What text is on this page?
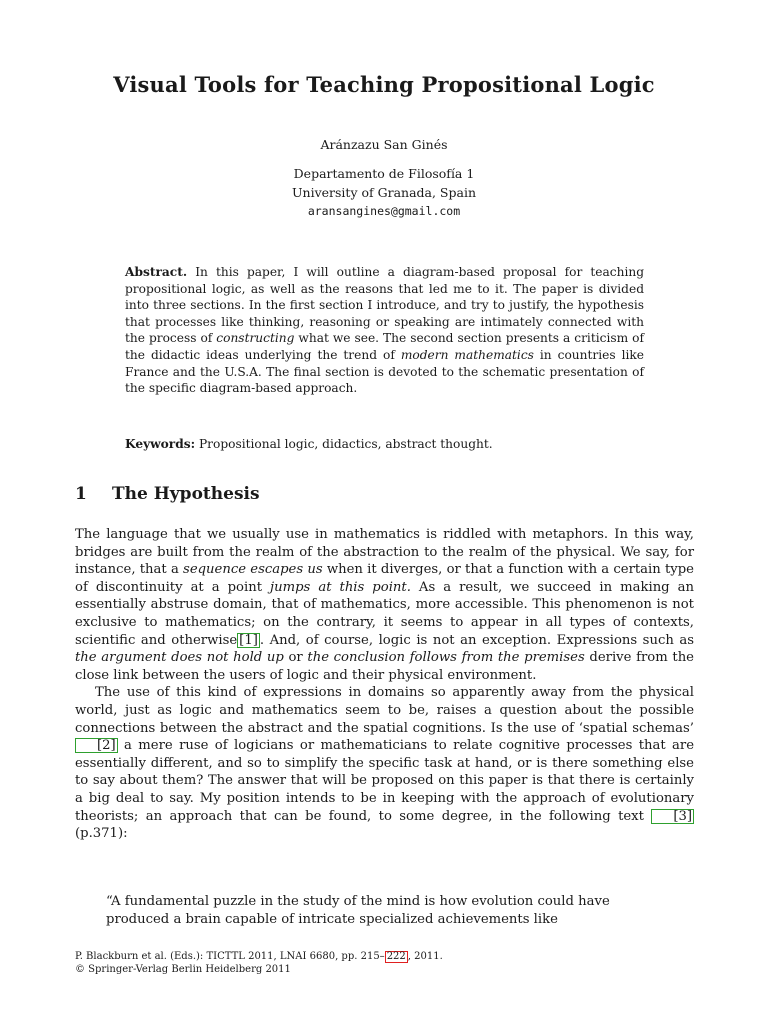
Visual Tools for Teaching Propositional Logic
Aránzazu San Ginés
Departamento de Filosofía 1
University of Granada, Spain
aransangines@gmail.com
Abstract. In this paper, I will outline a diagram-based proposal for teaching propositional logic, as well as the reasons that led me to it. The paper is divided into three sections. In the first section I introduce, and try to justify, the hypothesis that processes like thinking, reasoning or speaking are intimately connected with the process of constructing what we see. The second section presents a criticism of the didactic ideas underlying the trend of modern mathematics in countries like France and the U.S.A. The final section is devoted to the schematic presentation of the specific diagram-based approach.
Keywords: Propositional logic, didactics, abstract thought.
1 The Hypothesis

The language that we usually use in mathematics is riddled with metaphors. In this way, bridges are built from the realm of the abstraction to the realm of the physical. We say, for instance, that a sequence escapes us when it diverges, or that a function with a certain type of discontinuity at a point jumps at this point. As a result, we succeed in making an essentially abstruse domain, that of mathematics, more accessible. This phenomenon is not exclusive to mathematics; on the contrary, it seems to appear in all types of contexts, scientific and otherwise [1] . And, of course, logic is not an exception. Expressions such as the argument does not hold up or the conclusion follows from the premises derive from the close link between the users of logic and their physical environment.

The use of this kind of expressions in domains so apparently away from the physical world, just as logic and mathematics seem to be, raises a question about the possible connections between the abstract and the spatial cognitions. Is the use of ‘spatial schemas’ [2] a mere ruse of logicians or mathematicians to relate cognitive processes that are essentially different, and so to simplify the specific task at hand, or is there something else to say about them? The answer that will be proposed on this paper is that there is certainly a big deal to say. My position intends to be in keeping with the approach of evolutionary theorists; an approach that can be found, to some degree, in the following text [3] (p.371):

“A fundamental puzzle in the study of the mind is how evolution could have produced a brain capable of intricate specialized achievements like
P. Blackburn et al. (Eds.): TICTTL 2011, LNAI 6680, pp. 215– 222 , 2011.
© Springer-Verlag Berlin Heidelberg 2011
